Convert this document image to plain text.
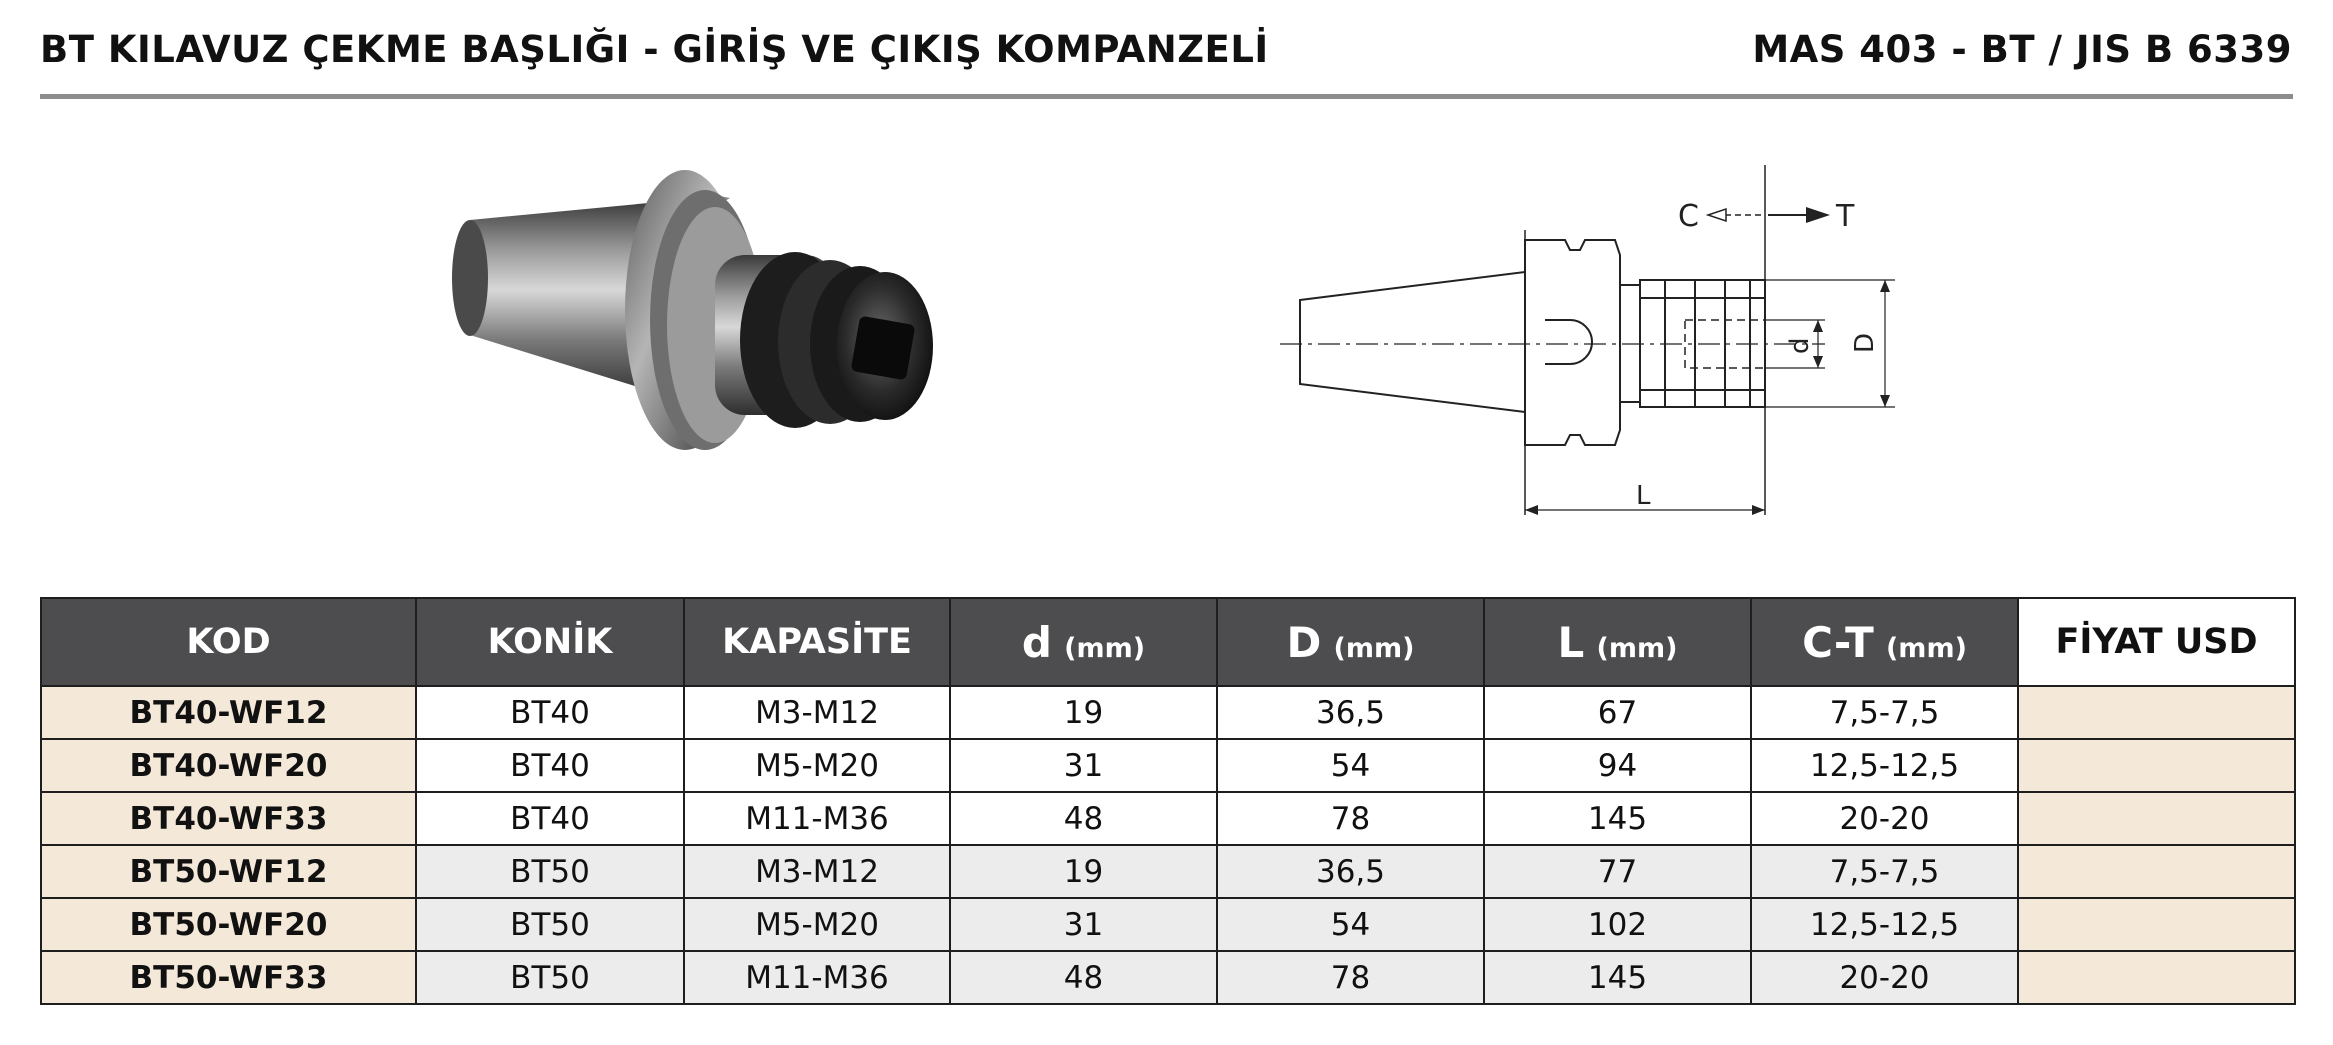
BT KILAVUZ ÇEKME BAŞLIĞI - GİRİŞ VE ÇIKIŞ KOMPANZELİ	MAS 403 - BT / JIS B 6339
C	T
d D
L
KOD	KONİK	KAPASİTE	d (mm)	D (mm)	L (mm)	C-T (mm)	FİYAT USD
BT40-WF12	BT40	M3-M12	19	36,5	67	7,5-7,5	
BT40-WF20	BT40	M5-M20	31	54	94	12,5-12,5	
BT40-WF33	BT40	M11-M36	48	78	145	20-20	
BT50-WF12	BT50	M3-M12	19	36,5	77	7,5-7,5	
BT50-WF20	BT50	M5-M20	31	54	102	12,5-12,5	
BT50-WF33	BT50	M11-M36	48	78	145	20-20	
